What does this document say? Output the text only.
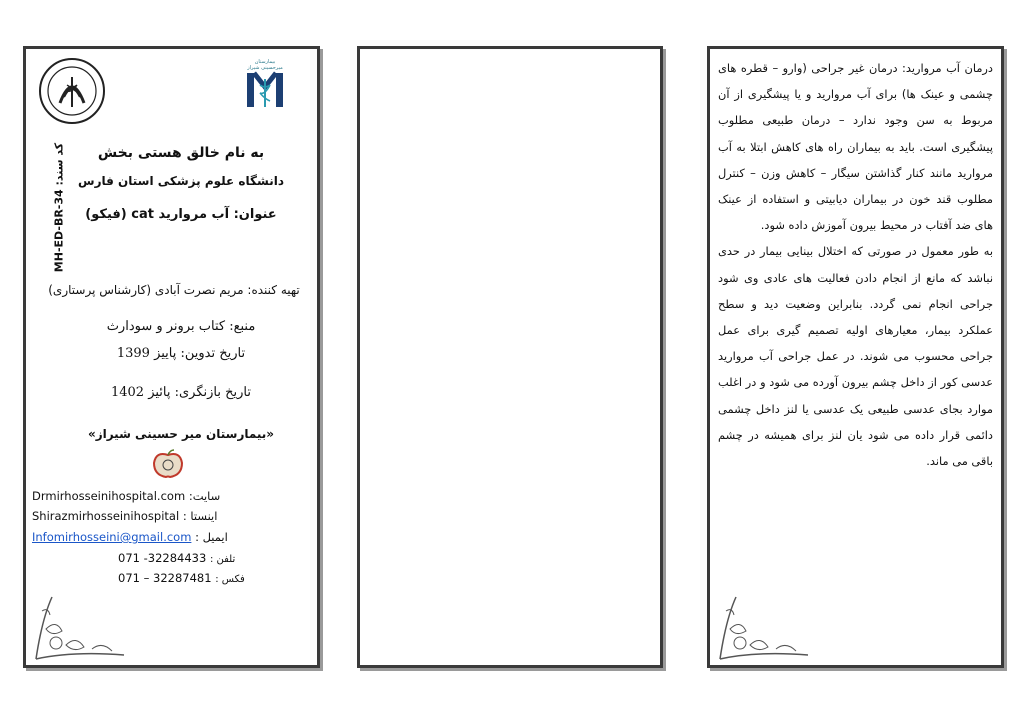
بیمارستان
میرحسینی شیراز
کد سند: MH-ED-BR-34	به نام خالق هستی بخش
دانشگاه علوم پزشکی استان فارس
عنوان: آب مروارید cat (فیکو)
تهیه کننده: مریم نصرت آبادی (کارشناس پرستاری)
منبع: کتاب برونر و سودارث
تاریخ تدوین: پاییز 1399
تاریخ بازنگری: پائیز 1402
«بیمارستان میر حسینی شیراز»
Drmirhosseinihospital.com :سایت
Shirazmirhosseinihospital : اینستا
Infomirhosseini@gmail.com : ایمیل
071 -32284433 : تلفن
071 – 32287481 : فکس

درمان آب مروارید: درمان غیر جراحی (وارو – قطره های چشمی و عینک ها) برای آب مروارید و یا پیشگیری از آن مربوط به سن وجود ندارد – درمان طبیعی مطلوب پیشگیری است. باید به بیماران راه های کاهش ابتلا به آب مروارید مانند کنار گذاشتن سیگار – کاهش وزن – کنترل مطلوب قند خون در بیماران دیابیتی و استفاده از عینک های ضد آفتاب در محیط بیرون آموزش داده شود.

به طور معمول در صورتی که اختلال بینایی بیمار در حدی نباشد که مانع از انجام دادن فعالیت های عادی وی شود جراحی انجام نمی گردد. بنابراین وضعیت دید و سطح عملکرد بیمار، معیارهای اولیه تصمیم گیری برای عمل جراحی محسوب می شوند. در عمل جراحی آب مروارید عدسی کور از داخل چشم بیرون آورده می شود و در اغلب موارد بجای عدسی طبیعی یک عدسی یا لنز داخل چشمی دائمی قرار داده می شود یان لنز برای همیشه در چشم باقی می ماند.
